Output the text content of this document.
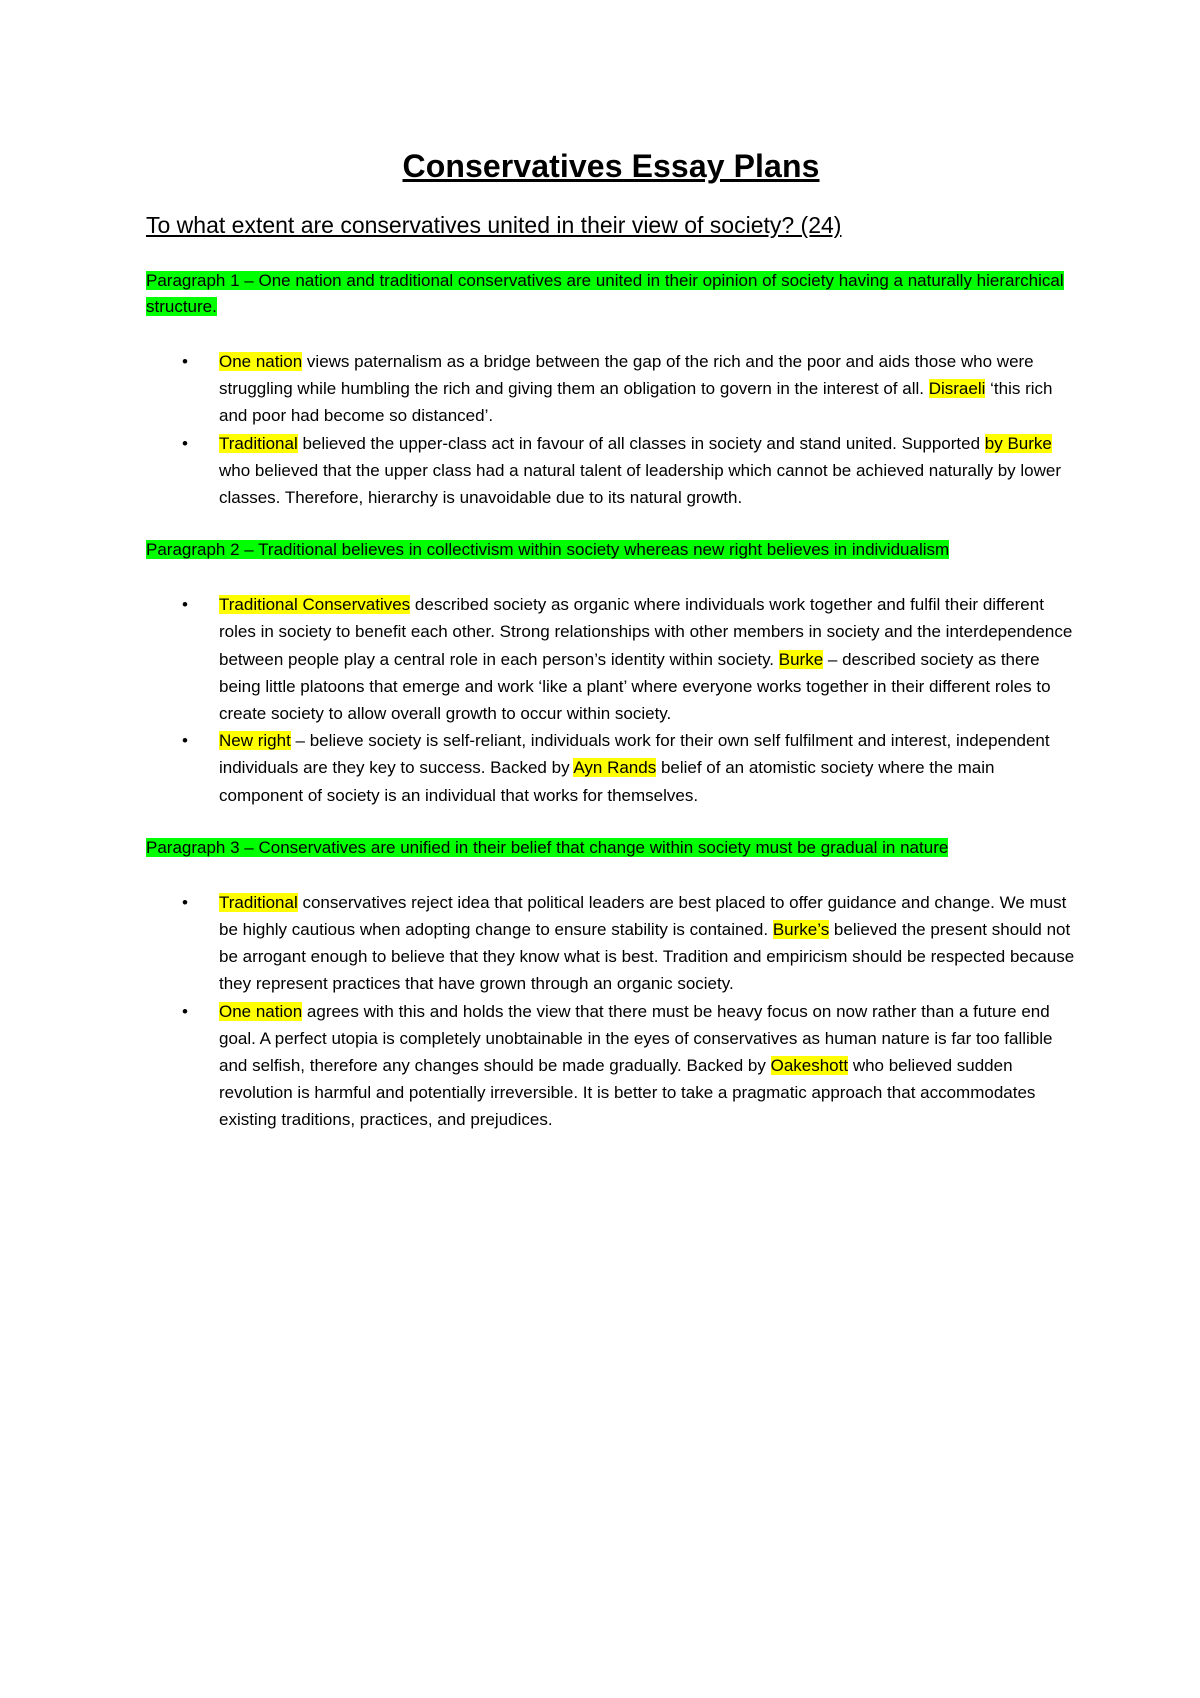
Conservatives Essay Plans
To what extent are conservatives united in their view of society? (24)
Paragraph 1 – One nation and traditional conservatives are united in their opinion of society having a naturally hierarchical structure.
• One nation views paternalism as a bridge between the gap of the rich and the poor and aids those who were struggling while humbling the rich and giving them an obligation to govern in the interest of all. Disraeli ‘this rich and poor had become so distanced’.
• Traditional believed the upper-class act in favour of all classes in society and stand united. Supported by Burke who believed that the upper class had a natural talent of leadership which cannot be achieved naturally by lower classes. Therefore, hierarchy is unavoidable due to its natural growth.
Paragraph 2 – Traditional believes in collectivism within society whereas new right believes in individualism
• Traditional Conservatives described society as organic where individuals work together and fulfil their different roles in society to benefit each other. Strong relationships with other members in society and the interdependence between people play a central role in each person’s identity within society. Burke – described society as there being little platoons that emerge and work ‘like a plant’ where everyone works together in their different roles to create society to allow overall growth to occur within society.
• New right – believe society is self-reliant, individuals work for their own self fulfilment and interest, independent individuals are they key to success. Backed by Ayn Rands belief of an atomistic society where the main component of society is an individual that works for themselves.
Paragraph 3 – Conservatives are unified in their belief that change within society must be gradual in nature
• Traditional conservatives reject idea that political leaders are best placed to offer guidance and change. We must be highly cautious when adopting change to ensure stability is contained. Burke’s believed the present should not be arrogant enough to believe that they know what is best. Tradition and empiricism should be respected because they represent practices that have grown through an organic society.
• One nation agrees with this and holds the view that there must be heavy focus on now rather than a future end goal. A perfect utopia is completely unobtainable in the eyes of conservatives as human nature is far too fallible and selfish, therefore any changes should be made gradually. Backed by Oakeshott who believed sudden revolution is harmful and potentially irreversible. It is better to take a pragmatic approach that accommodates existing traditions, practices, and prejudices.
